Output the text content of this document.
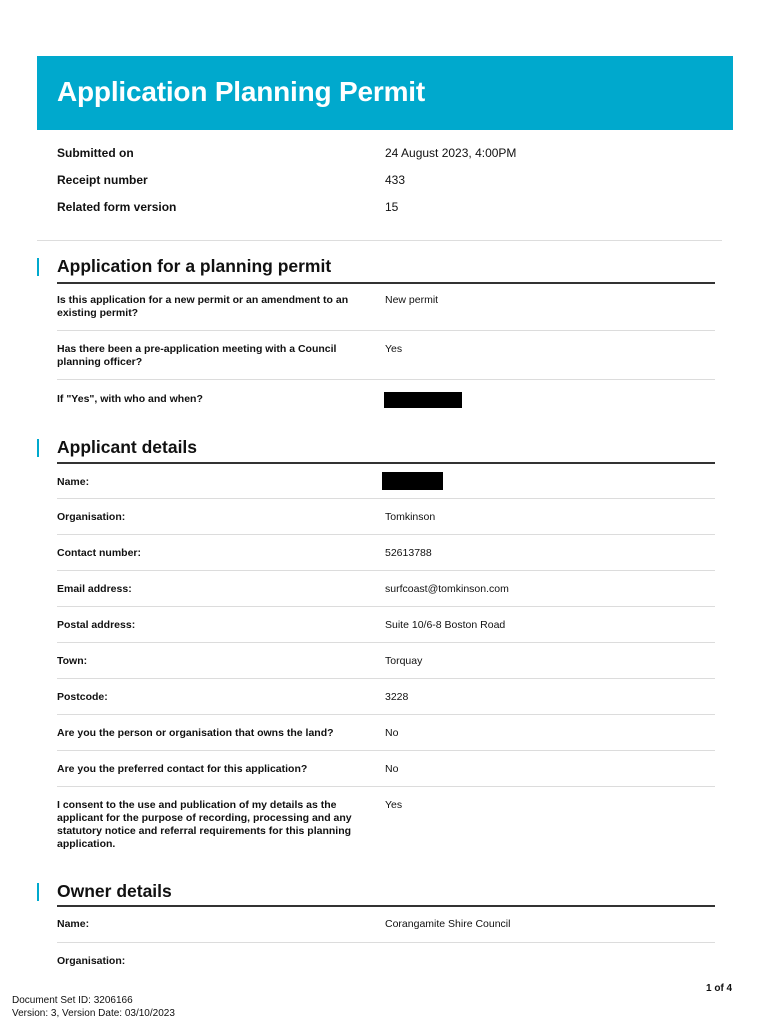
Application Planning Permit
Submitted on	24 August 2023, 4:00PM
Receipt number	433
Related form version	15
Application for a planning permit
Is this application for a new permit or an amendment to an existing permit?
New permit
Has there been a pre-application meeting with a Council planning officer?
Yes
If "Yes", with who and when?
Applicant details
Name:
Organisation:	Tomkinson
Contact number:	52613788
Email address:	surfcoast@tomkinson.com
Postal address:	Suite 10/6-8 Boston Road
Town:	Torquay
Postcode:	3228
Are you the person or organisation that owns the land?	No
Are you the preferred contact for this application?	No
I consent to the use and publication of my details as the applicant for the purpose of recording, processing and any statutory notice and referral requirements for this planning application.
Yes
Owner details
Name:	Corangamite Shire Council
Organisation:
1 of 4
Document Set ID: 3206166
Version: 3, Version Date: 03/10/2023
